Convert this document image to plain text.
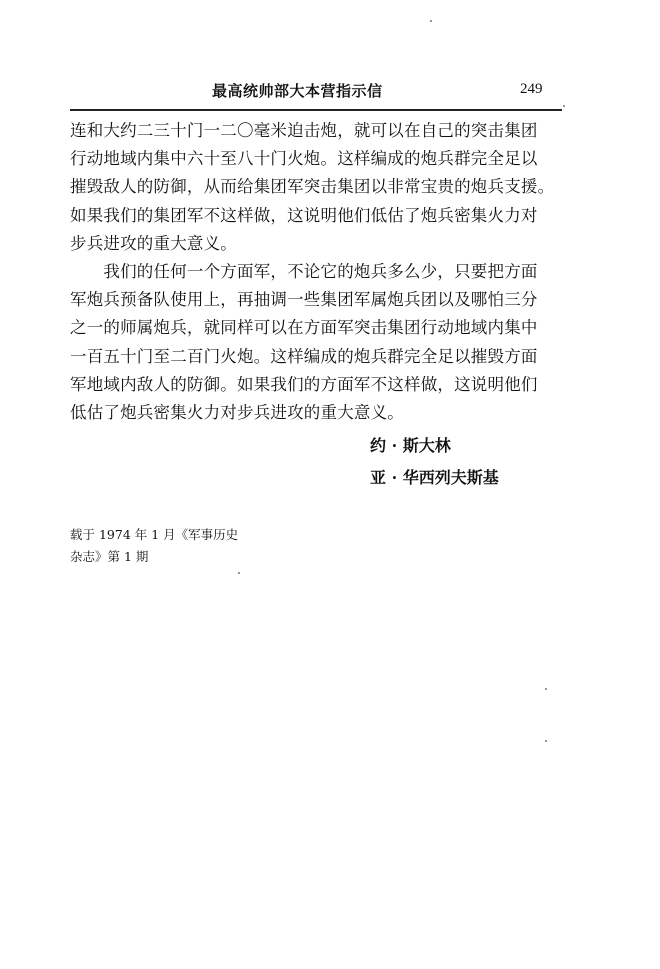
最高统帅部大本营指示信	249
连和大约二三十门一二〇毫米迫击炮，就可以在自己的突击集团
行动地域内集中六十至八十门火炮。这样编成的炮兵群完全足以
摧毁敌人的防御，从而给集团军突击集团以非常宝贵的炮兵支援。
如果我们的集团军不这样做，这说明他们低估了炮兵密集火力对
步兵进攻的重大意义。
　　我们的任何一个方面军，不论它的炮兵多么少，只要把方面
军炮兵预备队使用上，再抽调一些集团军属炮兵团以及哪怕三分
之一的师属炮兵，就同样可以在方面军突击集团行动地域内集中
一百五十门至二百门火炮。这样编成的炮兵群完全足以摧毁方面
军地域内敌人的防御。如果我们的方面军不这样做，这说明他们
低估了炮兵密集火力对步兵进攻的重大意义。
约 · 斯大林
亚 · 华西列夫斯基
载于 1974 年 1 月《军事历史
杂志》第 1 期
